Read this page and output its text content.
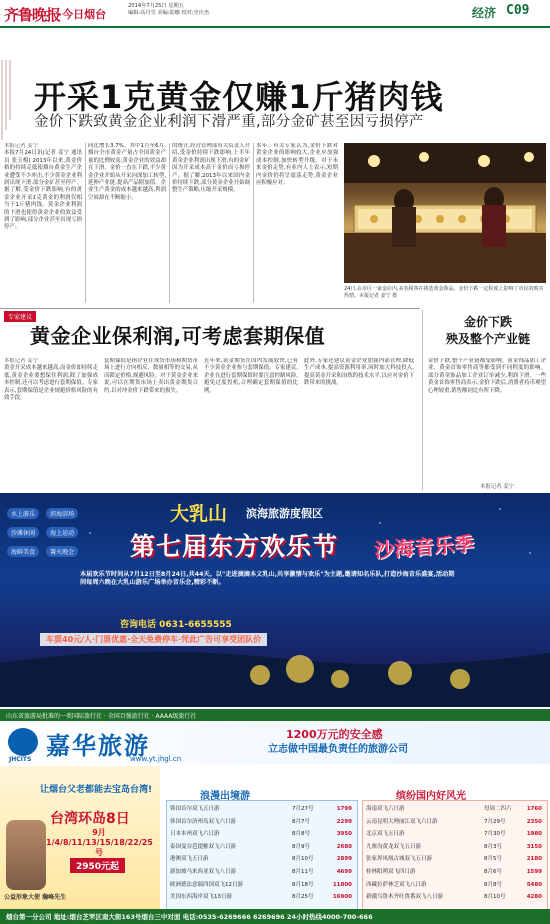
齐鲁晚报
·今日烟台
2014年7月25日 星期五
编辑:高丹雪 美编:陆娜 校对:史庆杰	经济 C09
开采1克黄金仅赚1斤猪肉钱
金价下跌致黄金企业利润下滑严重,部分金矿甚至因亏损停产
本报记者 姜宁
本报7月24日讯(记者 姜宁 通讯员 张玉梅) 2013年以来,黄金价格的持续走低使烟台黄金生产企业遭受不少冲击,不少黄金企业利润出现下滑,部分金矿甚至停产。据了解,受金价下跌影响,有的黄金企业开采1克黄金的利润仅相当于1斤猪肉钱。黄金企业利润的下滑也使得黄金企业的效益受到了影响,部分企业甚至出现亏损停产。
同比增长3.7%。其中1月至6月,烟台全市黄金产量占全国黄金产量的比例较高,黄金企业的效益却在下滑。金价一直在下跌,不少黄金企业开始从开采向深加工转型,延伸产业链,提高产品附加值。企业生产黄金的成本越来越高,利润空间却在不断缩小。
的统计,经营管理部有关负责人介绍,受金价持续下跌影响,上半年黄金企业利润出现下滑,有的金矿因为开采成本高于金价而亏损停产。据了解,2013年以来国内金价持续下跌,部分黄金企业开始调整生产策略,压缩开采规模。
本年。有关专家认为,金价下跌对黄金企业的影响较大,企业应加强成本控制,加快转型升级。对于未来金价走势,有业内人士表示,短期内金价仍将呈震荡走势,黄金企业应积极应对。
24日,在市区一家金店内,多名顾客在挑选黄金饰品。金价下跌一定程度上影响了市民的购买热情。本报记者 姜宁 摄
专家建议
黄金企业保利润,可考虑套期保值
本报记者 姜宁
黄金开采成本越来越高,而金价却持续走低,黄金企业要想保住利润,除了加强成本控制,还可以考虑进行套期保值。专家表示,套期保值是企业规避价格风险的有效手段。
套期保值是指企业在现货市场和期货市场上进行方向相反、数量相等的交易,从而锁定价格,规避风险。对于黄金企业来说,可以在期货市场上卖出黄金期货合约,以对冲金价下跌带来的损失。
近年来,黄金期货在国内发展较快,已有不少黄金企业参与套期保值。专家建议,企业在进行套期保值时要注意控制风险,避免过度投机,合理确定套期保值的比例。
此外,专家还建议黄金企业加强内部管理,降低生产成本,提高资源利用率,同时加大科技投入,提高黄金开采和冶炼的技术水平,以应对金价下跌带来的挑战。
金价下跌
殃及整个产业链
金价下跌,整个产业链都受影响。黄金饰品加工企业、黄金首饰零售商等都受到不同程度的影响。部分黄金饰品加工企业订单减少,利润下滑。一些黄金首饰零售商表示,金价下跌后,消费者持币观望心理较重,销售额同比有所下降。
本报记者 姜宁
水上游乐	滨海浴场 沙滩休闲	海上运动 海鲜美食	篝火晚会
大乳山 滨海旅游度假区
第七届东方欢乐节 沙海音乐季
本届欢乐节时间从7月12日至8月24日,共44天。以"走进滴滴本义乳山,共享激情与欢乐"为主题,邀请知名乐队,打造沙海音乐盛宴,活动期间每周六晚在大乳山游乐广场举办音乐会,精彩不断。
咨询电话 0631-6655555
车票40元/人·门票优惠·全天免费停车·凭此广告可享受团队价
山东省旅游局批准的一类国际旅行社 · 全国百强旅行社 · AAAA级旅行社
JHCITS 嘉华旅游
www.yt.jhgl.cn
1200万元的安全感
立志做中国最负责任的旅游公司
让烟台父老都能去宝岛台湾!
台湾环岛8日
9月1/4/8/11/13/15/18/22/25号
2950元起
公益形象大使 瀚峰先生
浪漫出境游
韩国首尔双飞五日游	7月27号	1799
韩国首尔济州岛双飞六日游	8月7号	2299
日本本州双飞六日游	8月8号	3950
泰国曼谷芭提雅双飞六日游	8月9号	2680
港澳双飞五日游	8月10号	2899
新加坡马来西亚双飞八日游	8月11号	4699
欧洲德法意瑞四国双飞12日游	8月18号	11800
美国东西海岸双飞13日游	8月25号	16900
缤纷国内好风光
海南双飞六日游	每周二四六	1760
云南昆明大理丽江双飞六日游	7月29号	2350
北京双飞五日游	7月30号	1980
九寨沟黄龙双飞五日游	8月3号	3150
张家界凤凰古城双飞五日游	8月5号	2180
桂林阳朔双飞四日游	8月6号	1599
西藏拉萨林芝双飞八日游	8月8号	5480
新疆乌鲁木齐吐鲁番双飞八日游	8月10号	4280
烟台第一分公司 地址:烟台芝罘区南大街163号烟台三中对面 电话:0535-6269666 6269696 24小时热线4000-700-666
